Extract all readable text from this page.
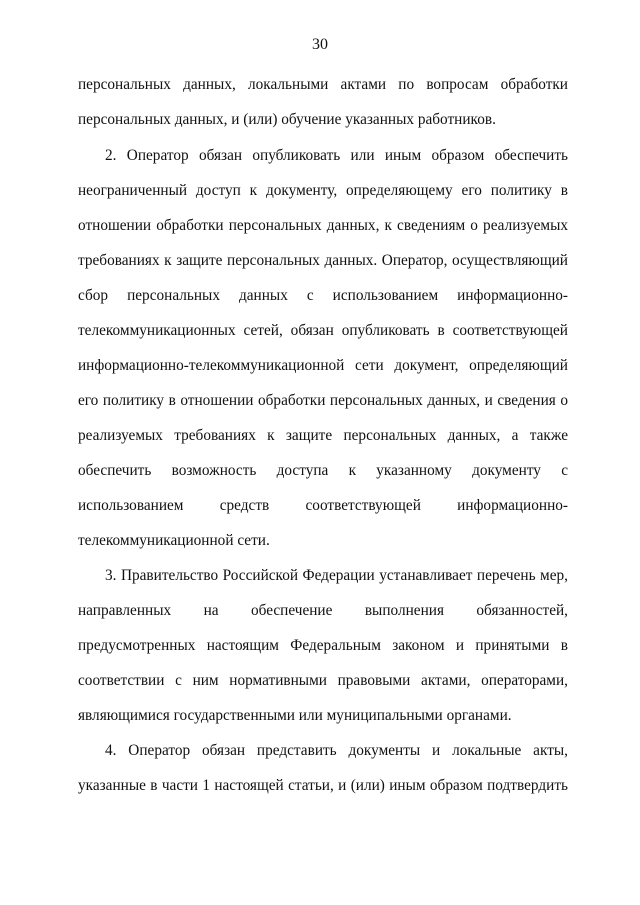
30
персональных данных, локальными актами по вопросам обработки
персональных данных, и (или) обучение указанных работников.
2. Оператор обязан опубликовать или иным образом обеспечить
неограниченный доступ к документу, определяющему его политику в
отношении обработки персональных данных, к сведениям о реализуемых
требованиях к защите персональных данных. Оператор, осуществляющий
сбор персональных данных с использованием информационно-
телекоммуникационных сетей, обязан опубликовать в соответствующей
информационно-телекоммуникационной сети документ, определяющий
его политику в отношении обработки персональных данных, и сведения о
реализуемых требованиях к защите персональных данных, а также
обеспечить возможность доступа к указанному документу с
использованием средств соответствующей информационно-
телекоммуникационной сети.
3. Правительство Российской Федерации устанавливает перечень мер,
направленных на обеспечение выполнения обязанностей,
предусмотренных настоящим Федеральным законом и принятыми в
соответствии с ним нормативными правовыми актами, операторами,
являющимися государственными или муниципальными органами.
4. Оператор обязан представить документы и локальные акты,
указанные в части 1 настоящей статьи, и (или) иным образом подтвердить
